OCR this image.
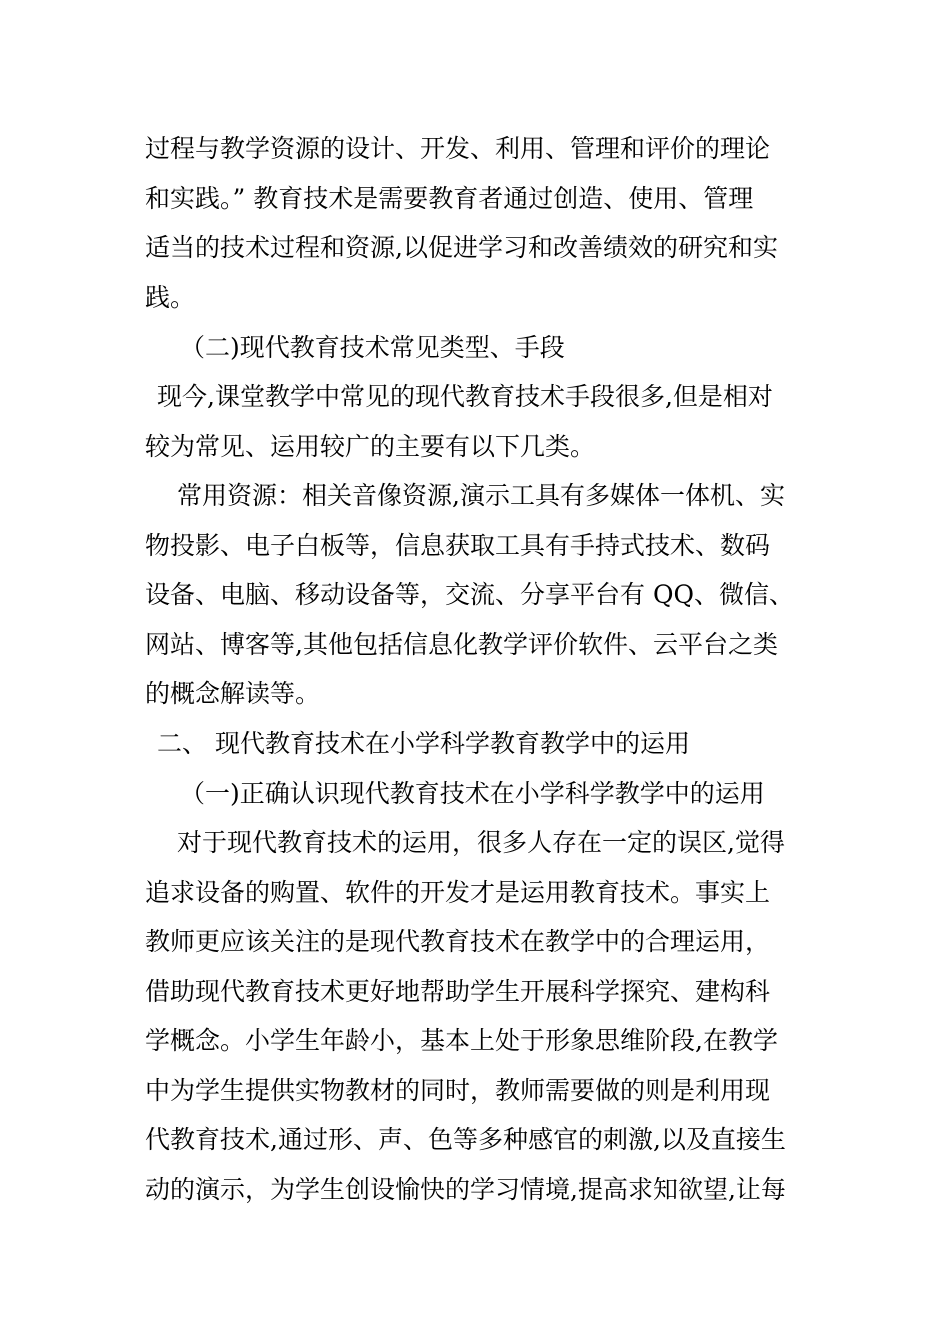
过程与教学资源的设计、开发、利用、管理和评价的理论
和实践。” 教育技术是需要教育者通过创造、使用、管理
适当的技术过程和资源,以促进学习和改善绩效的研究和实
践。
（二)现代教育技术常见类型、手段
现今,课堂教学中常见的现代教育技术手段很多,但是相对
较为常见、运用较广的主要有以下几类。
常用资源：相关音像资源,演示工具有多媒体一体机、实
物投影、电子白板等，信息获取工具有手持式技术、数码
设备、电脑、移动设备等，交流、分享平台有 QQ、微信、
网站、博客等,其他包括信息化教学评价软件、云平台之类
的概念解读等。
二、 现代教育技术在小学科学教育教学中的运用
（一)正确认识现代教育技术在小学科学教学中的运用
对于现代教育技术的运用，很多人存在一定的误区,觉得
追求设备的购置、软件的开发才是运用教育技术。事实上
教师更应该关注的是现代教育技术在教学中的合理运用，
借助现代教育技术更好地帮助学生开展科学探究、建构科
学概念。小学生年龄小，基本上处于形象思维阶段,在教学
中为学生提供实物教材的同时，教师需要做的则是利用现
代教育技术,通过形、声、色等多种感官的刺激,以及直接生
动的演示，为学生创设愉快的学习情境,提高求知欲望,让每
